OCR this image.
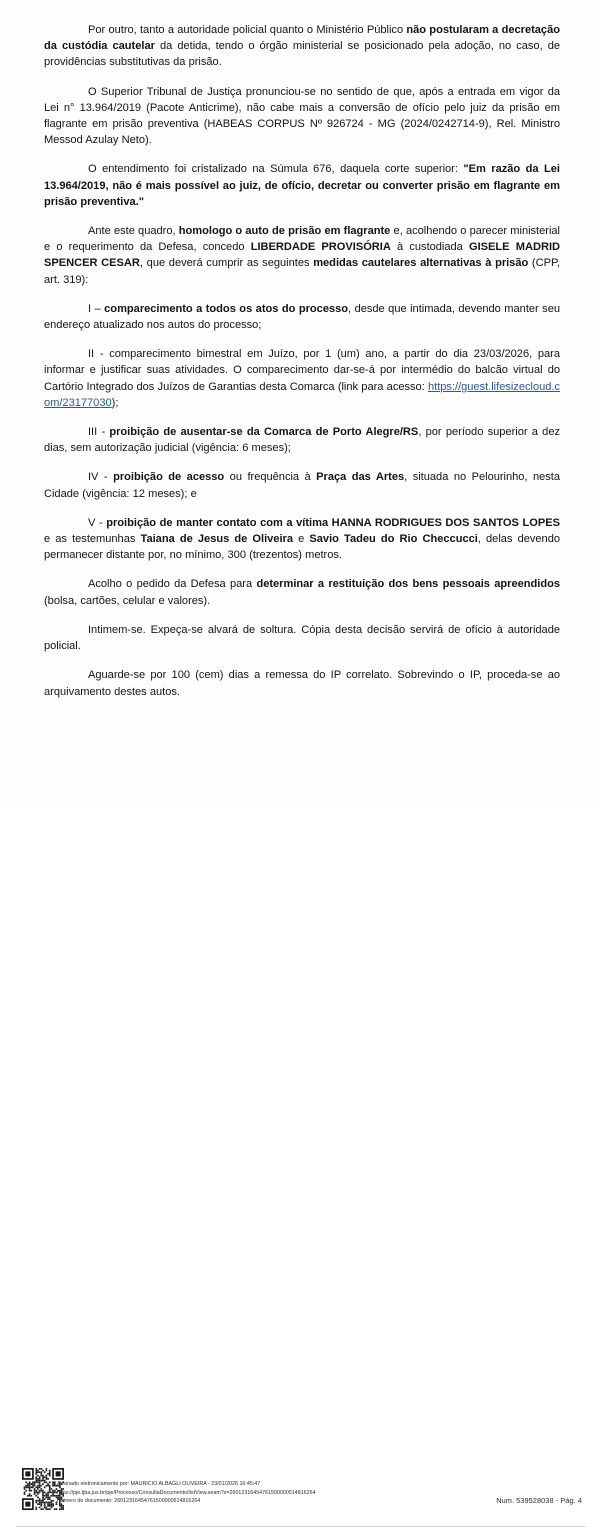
Por outro, tanto a autoridade policial quanto o Ministério Público não postularam a decretação da custódia cautelar da detida, tendo o órgão ministerial se posicionado pela adoção, no caso, de providências substitutivas da prisão.

O Superior Tribunal de Justiça pronunciou-se no sentido de que, após a entrada em vigor da Lei n° 13.964/2019 (Pacote Anticrime), não cabe mais a conversão de ofício pelo juiz da prisão em flagrante em prisão preventiva (HABEAS CORPUS Nº 926724 - MG (2024/0242714-9), Rel. Ministro Messod Azulay Neto).

O entendimento foi cristalizado na Súmula 676, daquela corte superior: "Em razão da Lei 13.964/2019, não é mais possível ao juiz, de ofício, decretar ou converter prisão em flagrante em prisão preventiva."

Ante este quadro, homologo o auto de prisão em flagrante e, acolhendo o parecer ministerial e o requerimento da Defesa, concedo LIBERDADE PROVISÓRIA à custodiada GISELE MADRID SPENCER CESAR, que deverá cumprir as seguintes medidas cautelares alternativas à prisão (CPP, art. 319):

I – comparecimento a todos os atos do processo, desde que intimada, devendo manter seu endereço atualizado nos autos do processo;

II - comparecimento bimestral em Juízo, por 1 (um) ano, a partir do dia 23/03/2026, para informar e justificar suas atividades. O comparecimento dar-se-á por intermédio do balcão virtual do Cartório Integrado dos Juízos de Garantias desta Comarca (link para acesso: https://guest.lifesizecloud.com/23177030);

III - proibição de ausentar-se da Comarca de Porto Alegre/RS, por período superior a dez dias, sem autorização judicial (vigência: 6 meses);

IV - proibição de acesso ou frequência à Praça das Artes, situada no Pelourinho, nesta Cidade (vigência: 12 meses); e

V - proibição de manter contato com a vítima HANNA RODRIGUES DOS SANTOS LOPES e as testemunhas Taiana de Jesus de Oliveira e Savio Tadeu do Rio Checcucci, delas devendo permanecer distante por, no mínimo, 300 (trezentos) metros.

Acolho o pedido da Defesa para determinar a restituição dos bens pessoais apreendidos (bolsa, cartões, celular e valores).

Intimem-se. Expeça-se alvará de soltura. Cópia desta decisão servirá de ofício à autoridade policial.

Aguarde-se por 100 (cem) dias a remessa do IP correlato. Sobrevindo o IP, proceda-se ao arquivamento destes autos.

Assinado eletronicamente por: MAURICIO ALBAGLI OLIVEIRA - 23/01/2026 16:45:47
https://pje.tjba.jus.br/pje/Processo/ConsultaDocumento/listView.seam?x=26012316454761500000514816264
Número do documento: 26012316454761500000514816264	Num. 539528038 - Pág. 4
